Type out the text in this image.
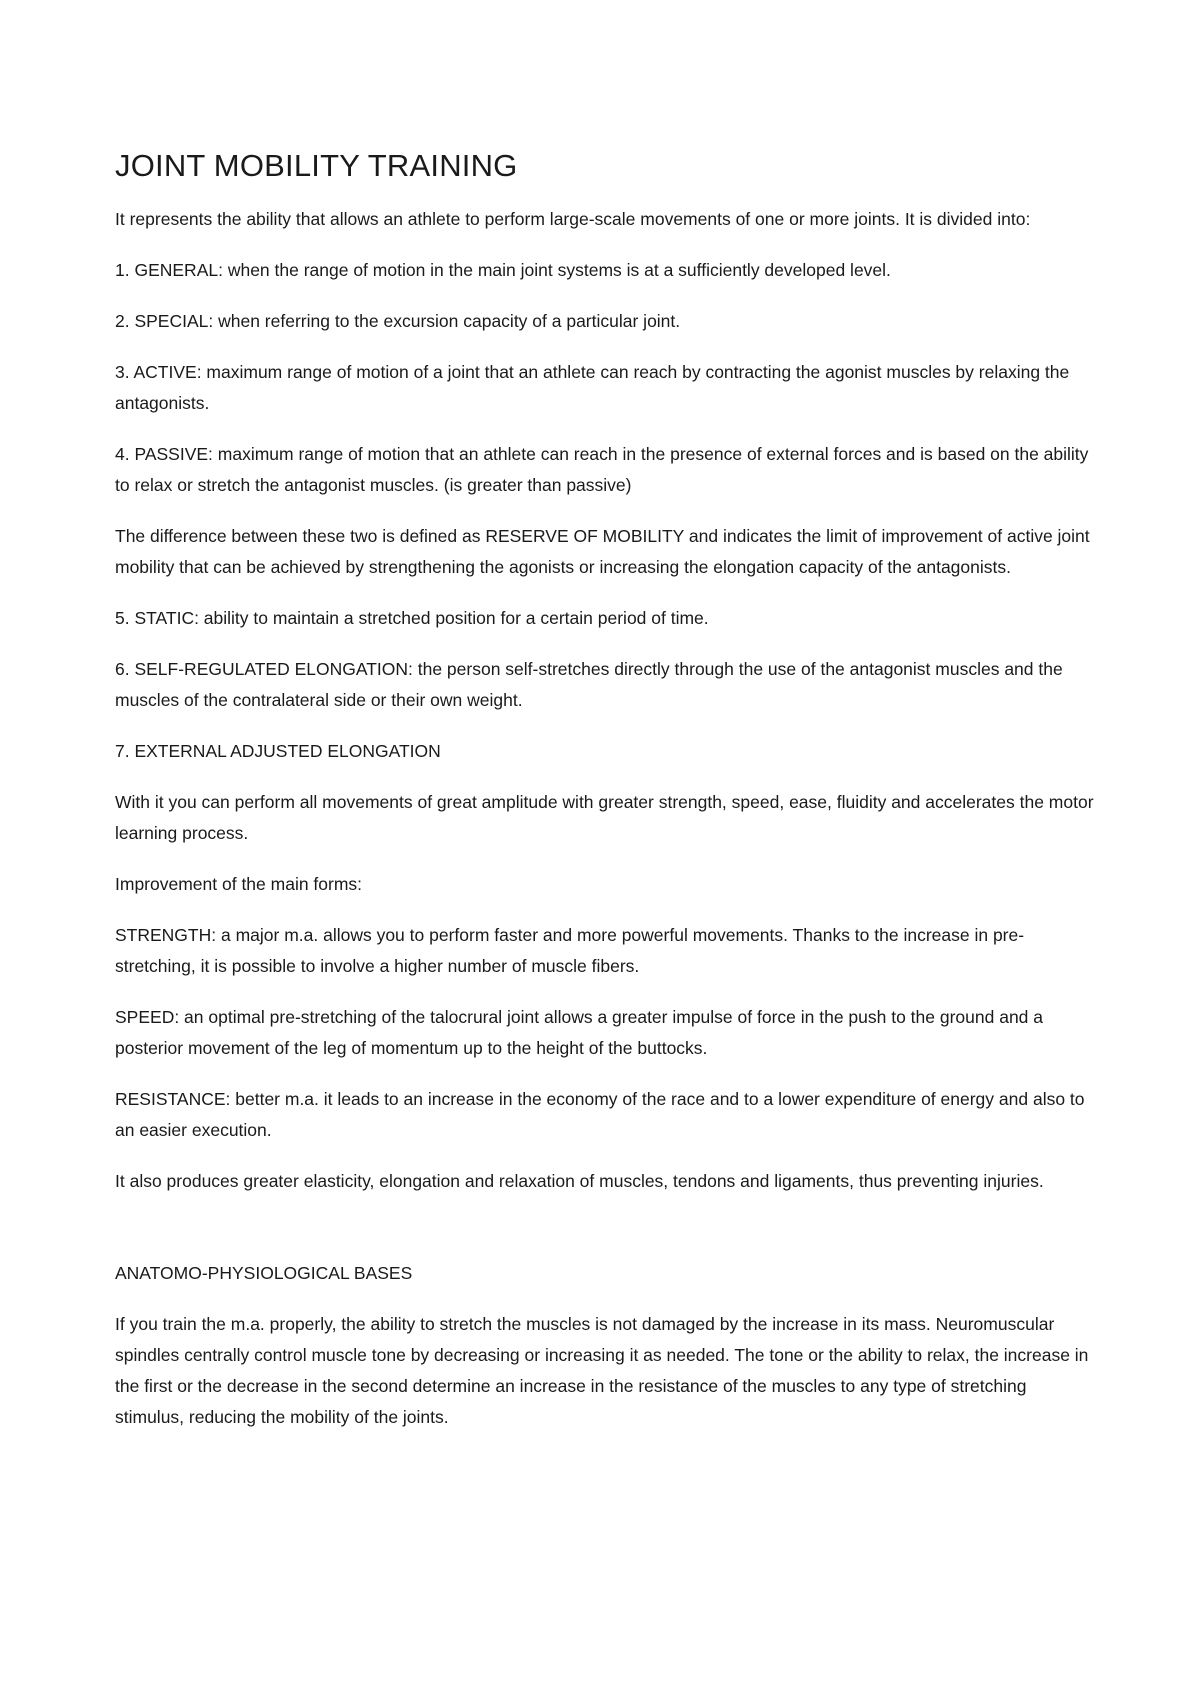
JOINT MOBILITY TRAINING

It represents the ability that allows an athlete to perform large-scale movements of one or more joints. It is divided into:

1. GENERAL: when the range of motion in the main joint systems is at a sufficiently developed level.

2. SPECIAL: when referring to the excursion capacity of a particular joint.

3. ACTIVE: maximum range of motion of a joint that an athlete can reach by contracting the agonist muscles by relaxing the antagonists.

4. PASSIVE: maximum range of motion that an athlete can reach in the presence of external forces and is based on the ability to relax or stretch the antagonist muscles. (is greater than passive)

The difference between these two is defined as RESERVE OF MOBILITY and indicates the limit of improvement of active joint mobility that can be achieved by strengthening the agonists or increasing the elongation capacity of the antagonists.

5. STATIC: ability to maintain a stretched position for a certain period of time.

6. SELF-REGULATED ELONGATION: the person self-stretches directly through the use of the antagonist muscles and the muscles of the contralateral side or their own weight.

7. EXTERNAL ADJUSTED ELONGATION

With it you can perform all movements of great amplitude with greater strength, speed, ease, fluidity and accelerates the motor learning process.

Improvement of the main forms:

STRENGTH: a major m.a. allows you to perform faster and more powerful movements. Thanks to the increase in pre-stretching, it is possible to involve a higher number of muscle fibers.

SPEED: an optimal pre-stretching of the talocrural joint allows a greater impulse of force in the push to the ground and a posterior movement of the leg of momentum up to the height of the buttocks.

RESISTANCE: better m.a. it leads to an increase in the economy of the race and to a lower expenditure of energy and also to an easier execution.

It also produces greater elasticity, elongation and relaxation of muscles, tendons and ligaments, thus preventing injuries.

ANATOMO-PHYSIOLOGICAL BASES

If you train the m.a. properly, the ability to stretch the muscles is not damaged by the increase in its mass. Neuromuscular spindles centrally control muscle tone by decreasing or increasing it as needed. The tone or the ability to relax, the increase in the first or the decrease in the second determine an increase in the resistance of the muscles to any type of stretching stimulus, reducing the mobility of the joints.
